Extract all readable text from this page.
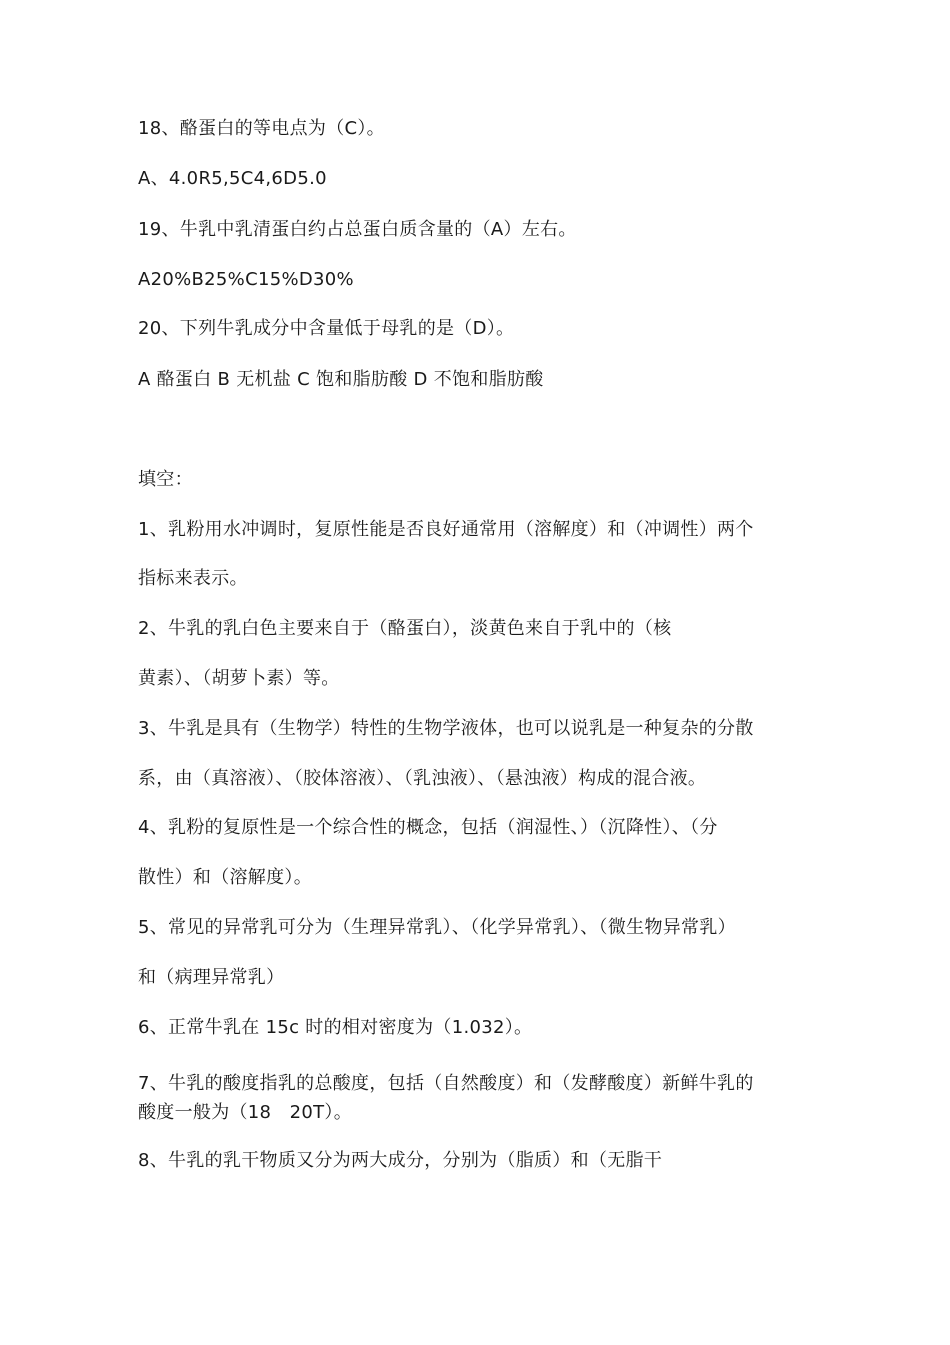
18、酪蛋白的等电点为（C）。
A、4.0R5,5C4,6D5.0
19、牛乳中乳清蛋白约占总蛋白质含量的（A）左右。
A20%B25%C15%D30%
20、下列牛乳成分中含量低于母乳的是（D）。
A 酪蛋白 B 无机盐 C 饱和脂肪酸 D 不饱和脂肪酸
填空：
1、乳粉用水冲调时，复原性能是否良好通常用（溶解度）和（冲调性）两个
指标来表示。
2、牛乳的乳白色主要来自于（酪蛋白），淡黄色来自于乳中的（核
黄素）、（胡萝卜素）等。
3、牛乳是具有（生物学）特性的生物学液体，也可以说乳是一种复杂的分散
系，由（真溶液）、（胶体溶液）、（乳浊液）、（悬浊液）构成的混合液。
4、乳粉的复原性是一个综合性的概念，包括（润湿性、）（沉降性）、（分
散性）和（溶解度）。
5、常见的异常乳可分为（生理异常乳）、（化学异常乳）、（微生物异常乳）
和（病理异常乳）
6、正常牛乳在 15c 时的相对密度为（1.032）。
7、牛乳的酸度指乳的总酸度，包括（自然酸度）和（发酵酸度）新鲜牛乳的
酸度一般为（18　20T）。
8、牛乳的乳干物质又分为两大成分，分别为（脂质）和（无脂干
